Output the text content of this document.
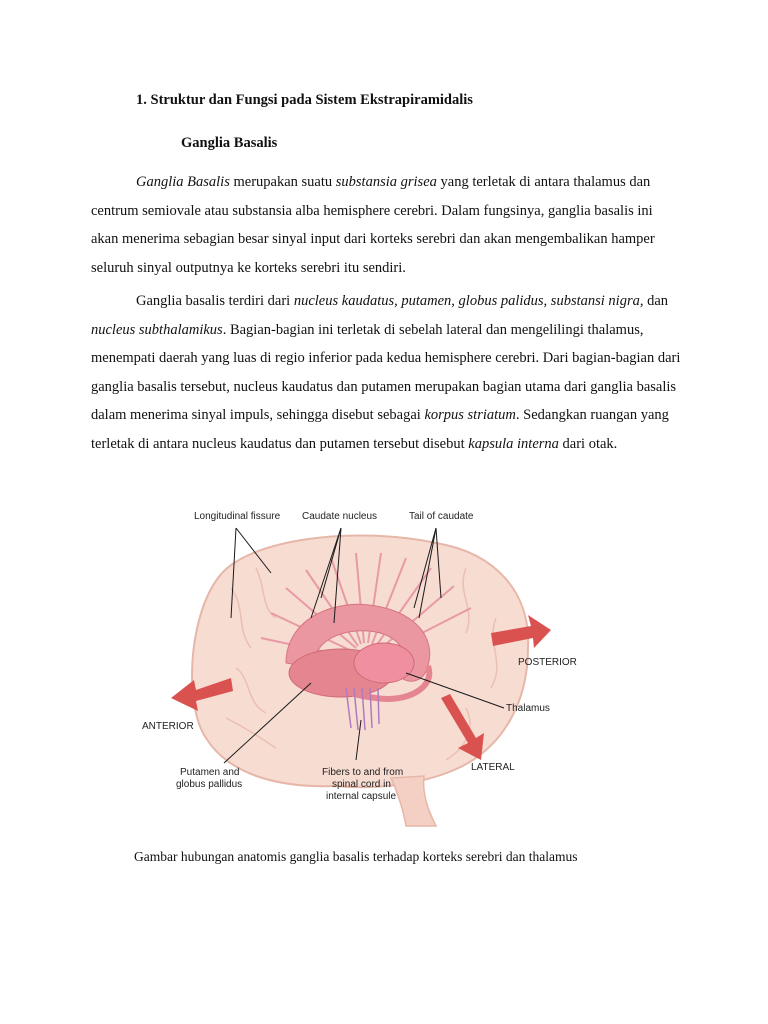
1. Struktur dan Fungsi pada Sistem Ekstrapiramidalis

Ganglia Basalis

Ganglia Basalis merupakan suatu substansia grisea yang terletak di antara thalamus dan centrum semiovale atau substansia alba hemisphere cerebri. Dalam fungsinya, ganglia basalis ini akan menerima sebagian besar sinyal input dari korteks serebri dan akan mengembalikan hamper seluruh sinyal outputnya ke korteks serebri itu sendiri.

Ganglia basalis terdiri dari nucleus kaudatus, putamen, globus palidus, substansi nigra, dan nucleus subthalamikus. Bagian-bagian ini terletak di sebelah lateral dan mengelilingi thalamus, menempati daerah yang luas di regio inferior pada kedua hemisphere cerebri. Dari bagian-bagian dari ganglia basalis tersebut, nucleus kaudatus dan putamen merupakan bagian utama dari ganglia basalis dalam menerima sinyal impuls, sehingga disebut sebagai korpus striatum. Sedangkan ruangan yang terletak di antara nucleus kaudatus dan putamen tersebut disebut kapsula interna dari otak.

Longitudinal fissure Caudate nucleus	Tail of caudate
POSTERIOR
ANTERIOR
Thalamus
LATERAL
Putamen and
globus pallidus
Fibers to and from
spinal cord in
internal capsule

Gambar hubungan anatomis ganglia basalis terhadap korteks serebri dan thalamus
